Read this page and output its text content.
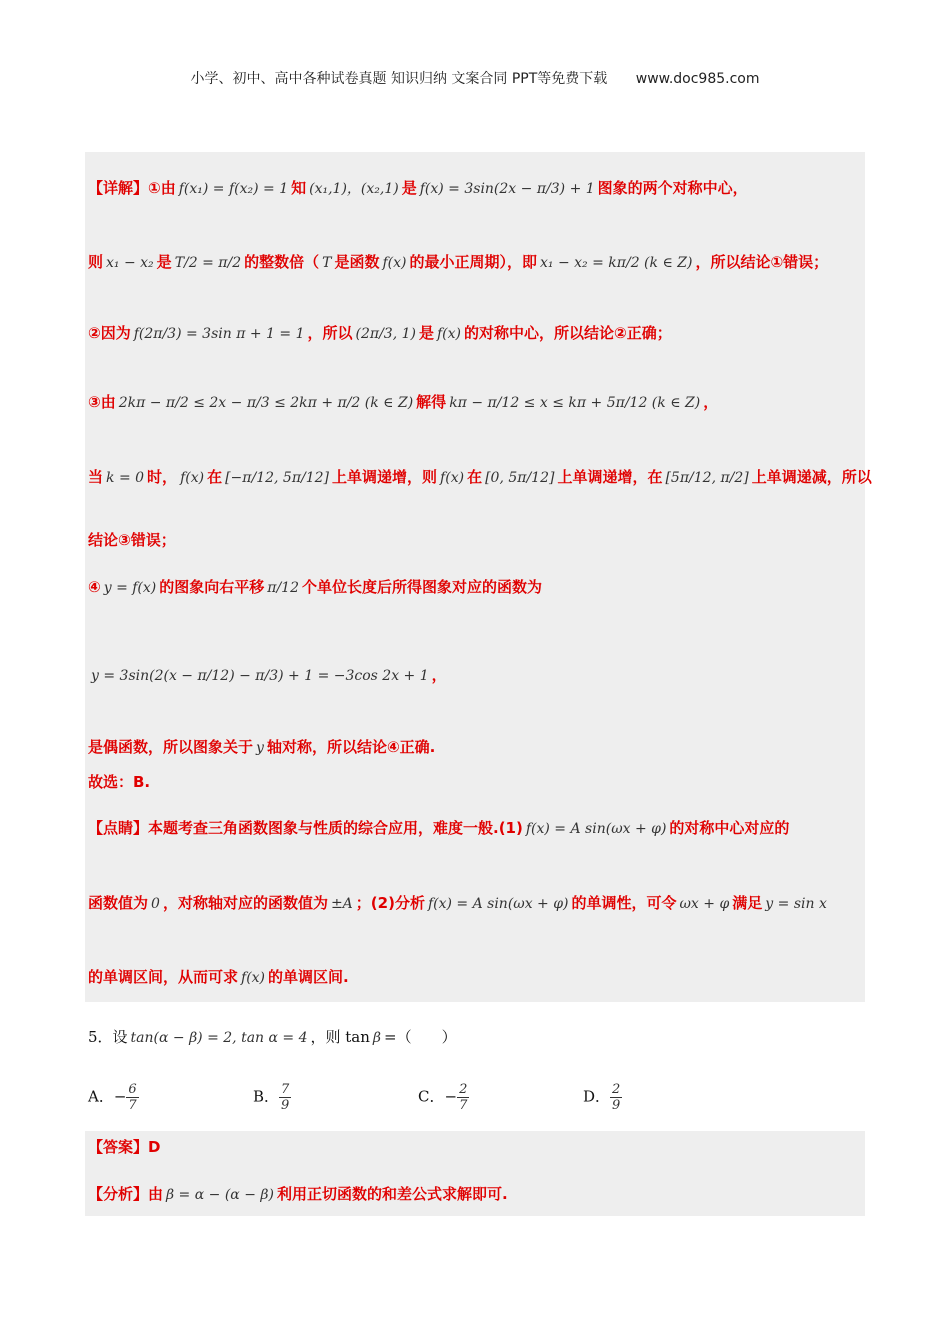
小学、初中、高中各种试卷真题 知识归纳 文案合同 PPT等免费下载 www.doc985.com
【详解】①由 f(x₁) = f(x₂) = 1 知 (x₁,1)，(x₂,1) 是 f(x) = 3sin(2x − π/3) + 1 图象的两个对称中心，
则 x₁ − x₂ 是 T/2 = π/2 的整数倍（ T 是函数 f(x) 的最小正周期），即 x₁ − x₂ = kπ/2 (k ∈ Z) ，所以结论①错误；
②因为 f(2π/3) = 3sin π + 1 = 1 ，所以 (2π/3, 1) 是 f(x) 的对称中心，所以结论②正确；
③由 2kπ − π/2 ≤ 2x − π/3 ≤ 2kπ + π/2 (k ∈ Z) 解得 kπ − π/12 ≤ x ≤ kπ + 5π/12 (k ∈ Z) ，
当 k = 0 时， f(x) 在 [−π/12, 5π/12] 上单调递增，则 f(x) 在 [0, 5π/12] 上单调递增，在 [5π/12, π/2] 上单调递减，所以
结论③错误；
④ y = f(x) 的图象向右平移 π/12 个单位长度后所得图象对应的函数为
y = 3sin(2(x − π/12) − π/3) + 1 = −3cos 2x + 1 ，
是偶函数，所以图象关于 y 轴对称，所以结论④正确.
故选：B.
【点睛】本题考查三角函数图象与性质的综合应用，难度一般.(1) f(x) = A sin(ωx + φ) 的对称中心对应的
函数值为 0 ，对称轴对应的函数值为 ±A ；(2)分析 f(x) = A sin(ωx + φ) 的单调性，可令 ωx + φ 满足 y = sin x
的单调区间，从而可求 f(x) 的单调区间.
5．设 tan(α − β) = 2, tan α = 4 ，则 tan β =（　　）
A．− $\frac{6}{7}$	B． $\frac{7}{9}$	C．− $\frac{2}{7}$	D． $\frac{2}{9}$
【答案】D
【分析】由 β = α − (α − β) 利用正切函数的和差公式求解即可.
